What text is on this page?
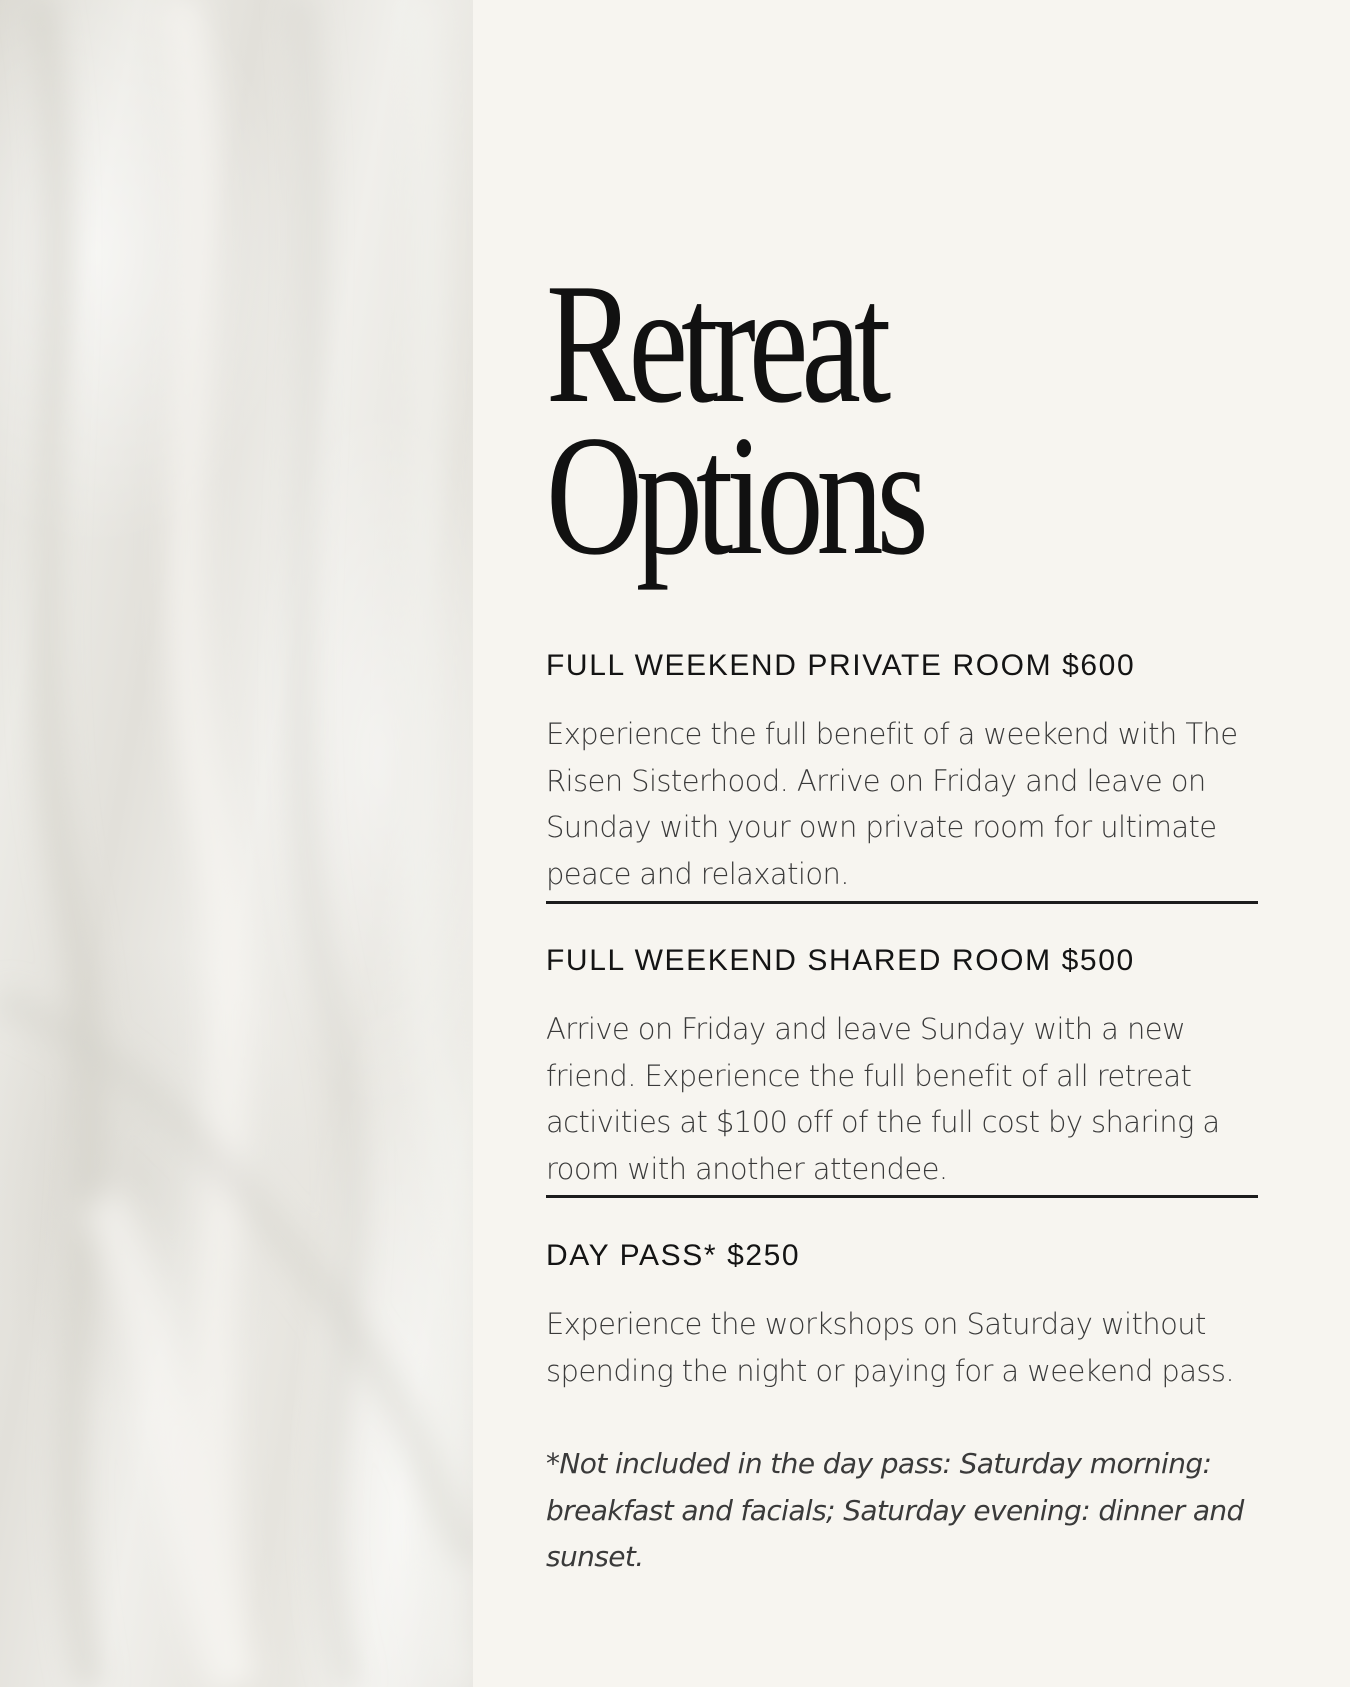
Retreat
Options
FULL WEEKEND PRIVATE ROOM $600

Experience the full benefit of a weekend with The Risen Sisterhood. Arrive on Friday and leave on Sunday with your own private room for ultimate peace and relaxation.

FULL WEEKEND SHARED ROOM $500

Arrive on Friday and leave Sunday with a new friend. Experience the full benefit of all retreat activities at $100 off of the full cost by sharing a room with another attendee.

DAY PASS* $250

Experience the workshops on Saturday without spending the night or paying for a weekend pass.

*Not included in the day pass: Saturday morning: breakfast and facials; Saturday evening: dinner and sunset.
